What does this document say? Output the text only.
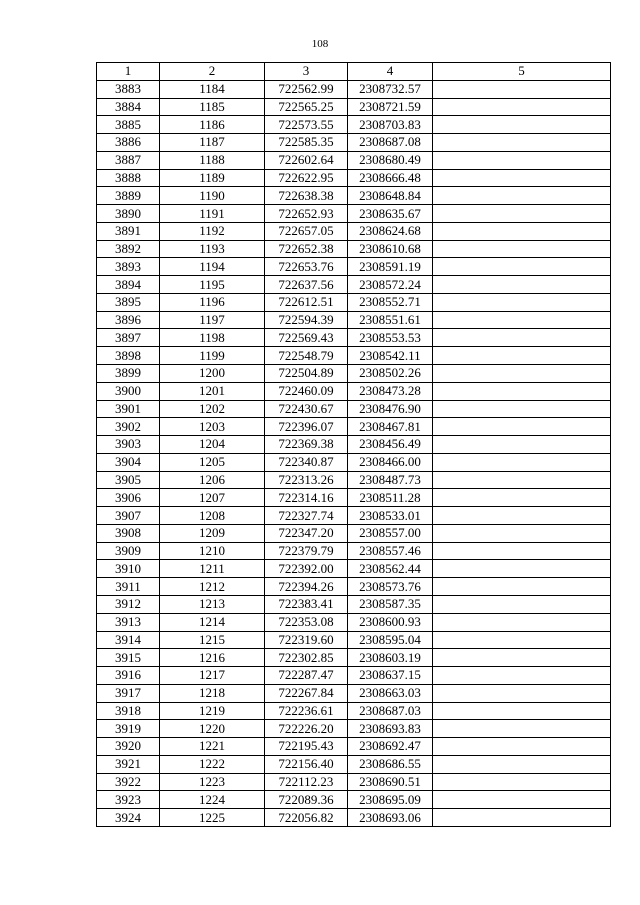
108
1	2	3	4	5
3883	1184	722562.99	2308732.57	
3884	1185	722565.25	2308721.59	
3885	1186	722573.55	2308703.83	
3886	1187	722585.35	2308687.08	
3887	1188	722602.64	2308680.49	
3888	1189	722622.95	2308666.48	
3889	1190	722638.38	2308648.84	
3890	1191	722652.93	2308635.67	
3891	1192	722657.05	2308624.68	
3892	1193	722652.38	2308610.68	
3893	1194	722653.76	2308591.19	
3894	1195	722637.56	2308572.24	
3895	1196	722612.51	2308552.71	
3896	1197	722594.39	2308551.61	
3897	1198	722569.43	2308553.53	
3898	1199	722548.79	2308542.11	
3899	1200	722504.89	2308502.26	
3900	1201	722460.09	2308473.28	
3901	1202	722430.67	2308476.90	
3902	1203	722396.07	2308467.81	
3903	1204	722369.38	2308456.49	
3904	1205	722340.87	2308466.00	
3905	1206	722313.26	2308487.73	
3906	1207	722314.16	2308511.28	
3907	1208	722327.74	2308533.01	
3908	1209	722347.20	2308557.00	
3909	1210	722379.79	2308557.46	
3910	1211	722392.00	2308562.44	
3911	1212	722394.26	2308573.76	
3912	1213	722383.41	2308587.35	
3913	1214	722353.08	2308600.93	
3914	1215	722319.60	2308595.04	
3915	1216	722302.85	2308603.19	
3916	1217	722287.47	2308637.15	
3917	1218	722267.84	2308663.03	
3918	1219	722236.61	2308687.03	
3919	1220	722226.20	2308693.83	
3920	1221	722195.43	2308692.47	
3921	1222	722156.40	2308686.55	
3922	1223	722112.23	2308690.51	
3923	1224	722089.36	2308695.09	
3924	1225	722056.82	2308693.06	
